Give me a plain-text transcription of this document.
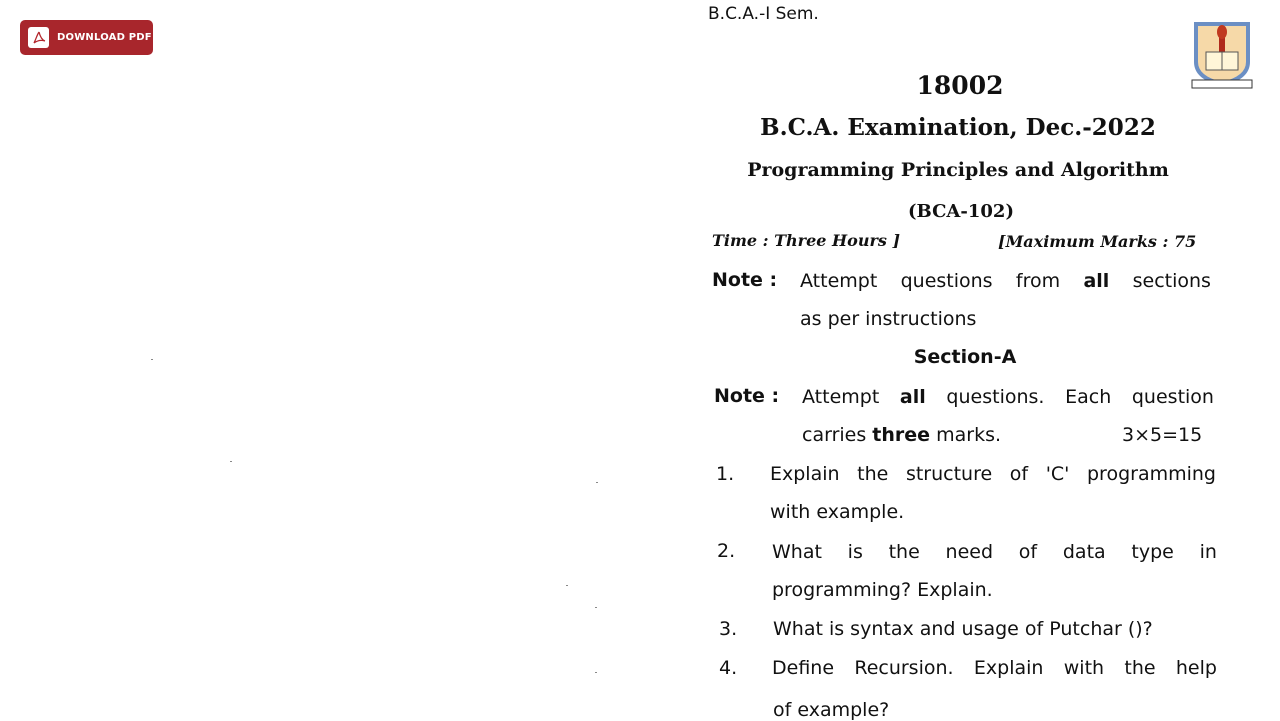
DOWNLOAD PDF
B.C.A.-I Sem.
18002
B.C.A. Examination, Dec.-2022
Programming Principles and Algorithm
(BCA-102)
Time : Three Hours ]	[Maximum Marks : 75
Note : Attempt questions from all sections
as per instructions
Section-A
Note : Attempt all questions. Each question
carries three marks.	3×5=15
1. Explain the structure of 'C' programming
with example.
2. What is the need of data type in
programming? Explain.
3. What is syntax and usage of Putchar ()?
4. Define Recursion. Explain with the help
of example?
